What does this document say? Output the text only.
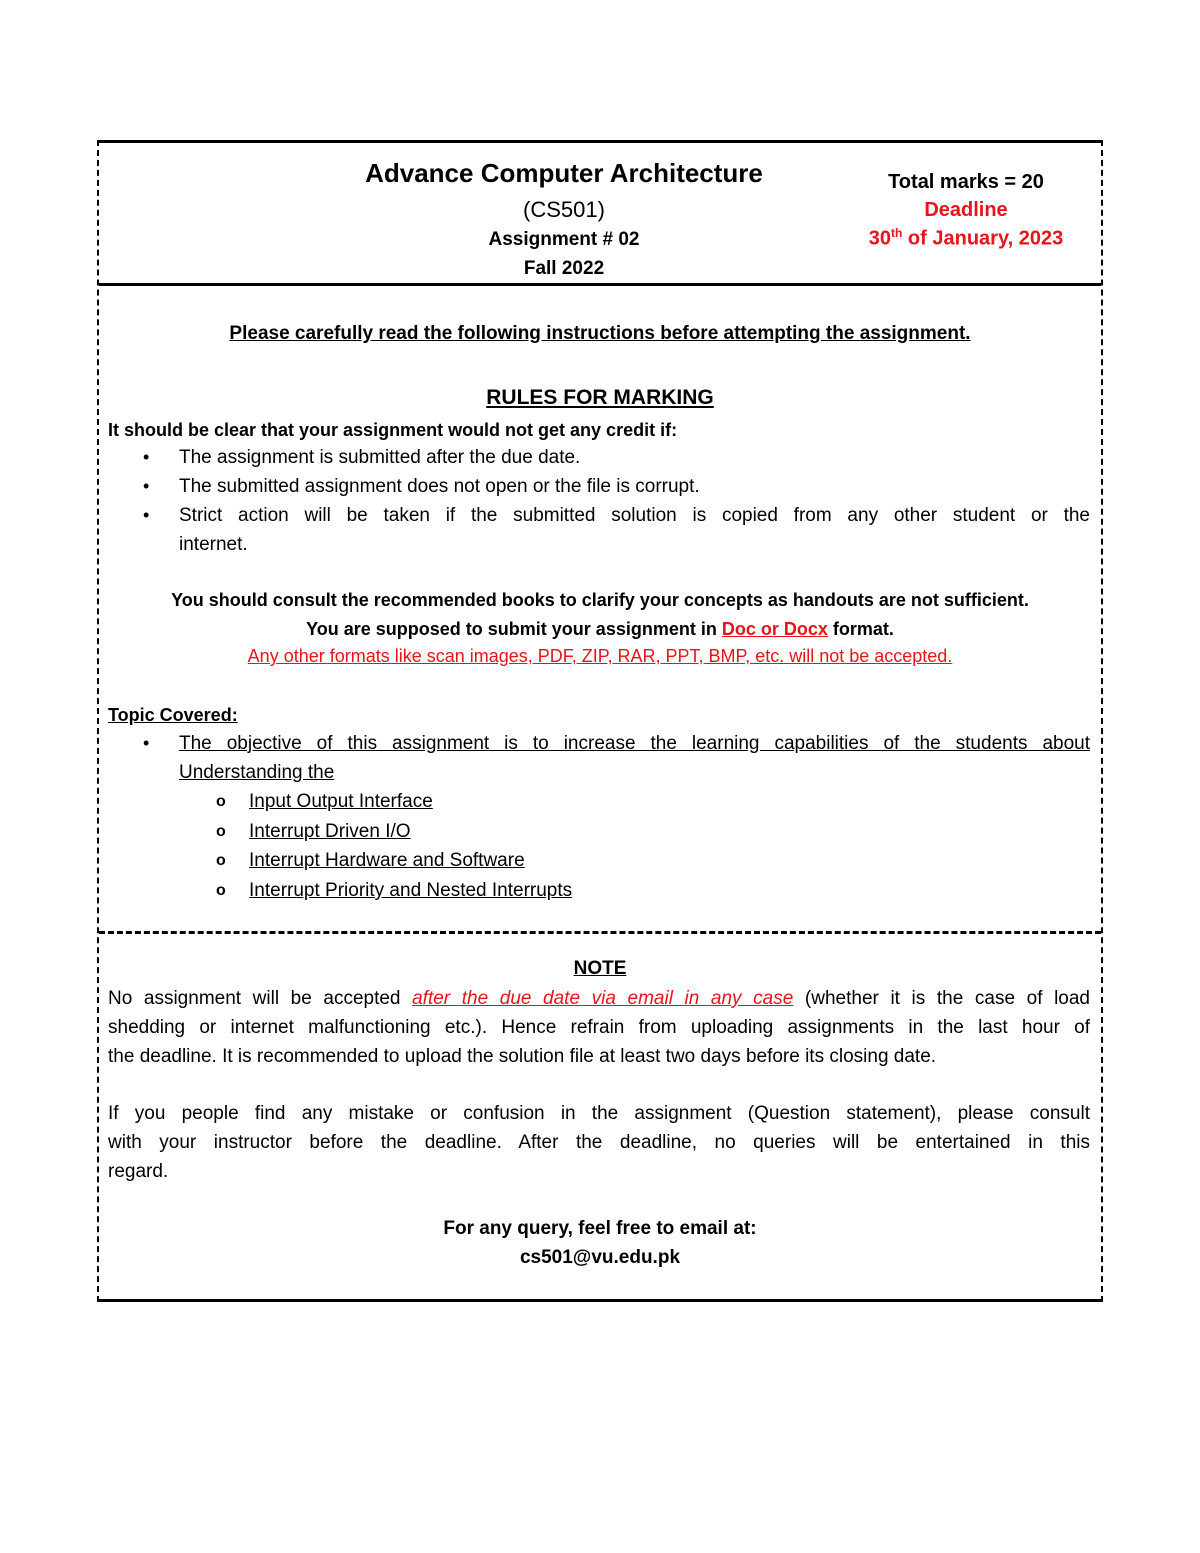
Advance Computer Architecture
(CS501)
Assignment # 02
Fall 2022
Total marks = 20
Deadline
30th of January, 2023
Please carefully read the following instructions before attempting the assignment.
RULES FOR MARKING
It should be clear that your assignment would not get any credit if:
• The assignment is submitted after the due date.
• The submitted assignment does not open or the file is corrupt.
• Strict action will be taken if the submitted solution is copied from any other student or the
internet.
You should consult the recommended books to clarify your concepts as handouts are not sufficient.
You are supposed to submit your assignment in Doc or Docx format.
Any other formats like scan images, PDF, ZIP, RAR, PPT, BMP, etc. will not be accepted.
Topic Covered:
• The objective of this assignment is to increase the learning capabilities of the students about
Understanding the
o Input Output Interface
o Interrupt Driven I/O
o Interrupt Hardware and Software
o Interrupt Priority and Nested Interrupts
NOTE
No assignment will be accepted after the due date via email in any case (whether it is the case of load
shedding or internet malfunctioning etc.). Hence refrain from uploading assignments in the last hour of
the deadline. It is recommended to upload the solution file at least two days before its closing date.
If you people find any mistake or confusion in the assignment (Question statement), please consult
with your instructor before the deadline. After the deadline, no queries will be entertained in this
regard.
For any query, feel free to email at:
cs501@vu.edu.pk
